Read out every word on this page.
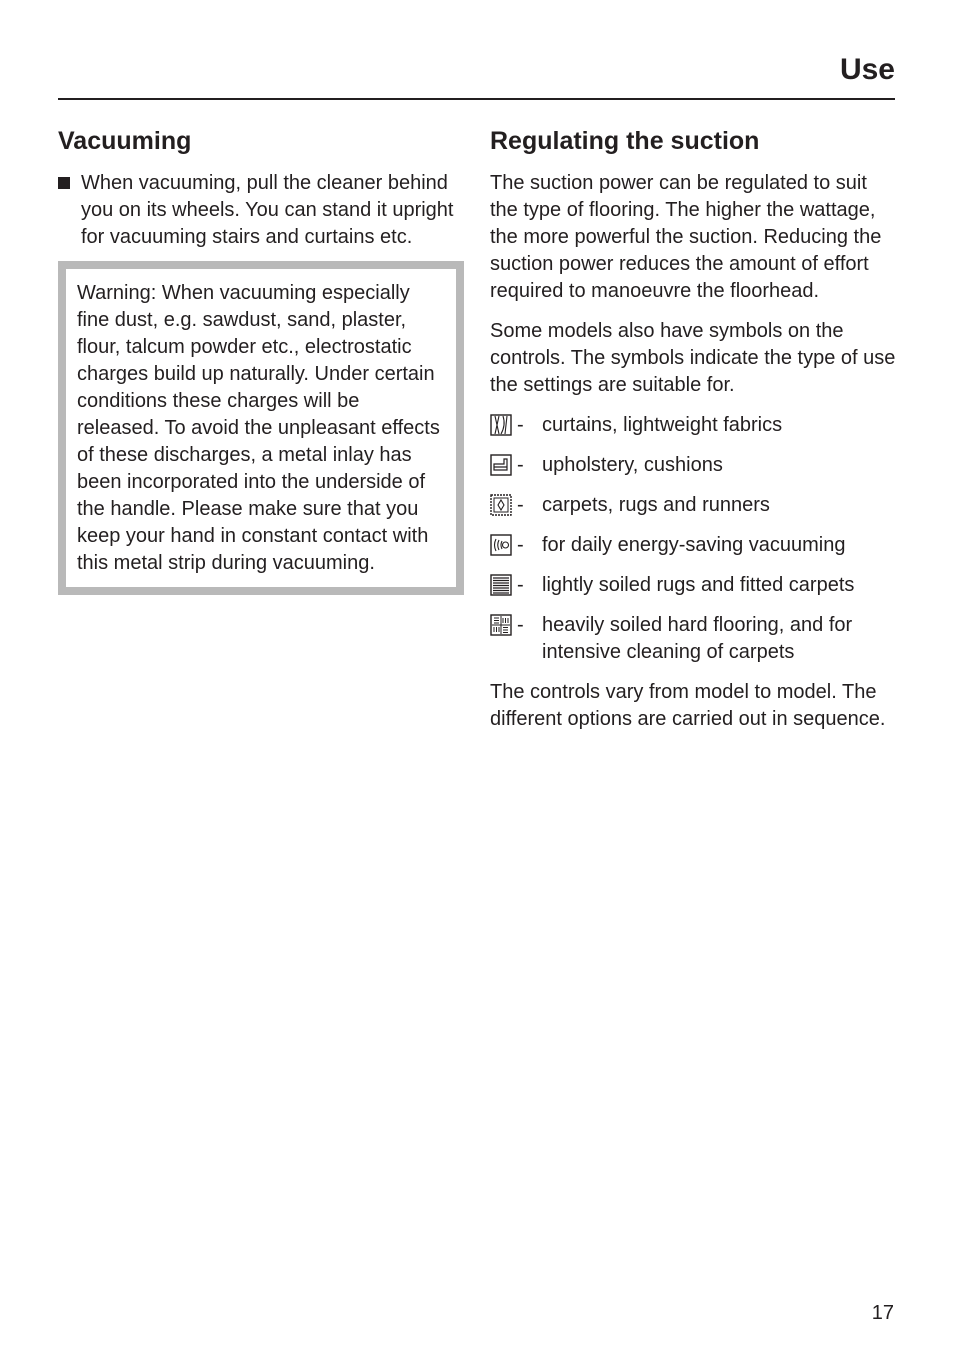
Use
Vacuuming

When vacuuming, pull the cleaner behind you on its wheels. You can stand it upright for vacuuming stairs and curtains etc.

Warning: When vacuuming especially fine dust, e.g. sawdust, sand, plaster, flour, talcum powder etc., electrostatic charges build up naturally. Under certain conditions these charges will be released. To avoid the unpleasant effects of these discharges, a metal inlay has been incorporated into the underside of the handle. Please make sure that you keep your hand in constant contact with this metal strip during vacuuming.

Regulating the suction

The suction power can be regulated to suit the type of flooring. The higher the wattage, the more powerful the suction. Reducing the suction power reduces the amount of effort required to manoeuvre the floorhead.

Some models also have symbols on the controls. The symbols indicate the type of use the settings are suitable for.

- curtains, lightweight fabrics
- upholstery, cushions
- carpets, rugs and runners
- for daily energy-saving vacuuming
- lightly soiled rugs and fitted carpets
- heavily soiled hard flooring, and for intensive cleaning of carpets

The controls vary from model to model. The different options are carried out in sequence.

17
